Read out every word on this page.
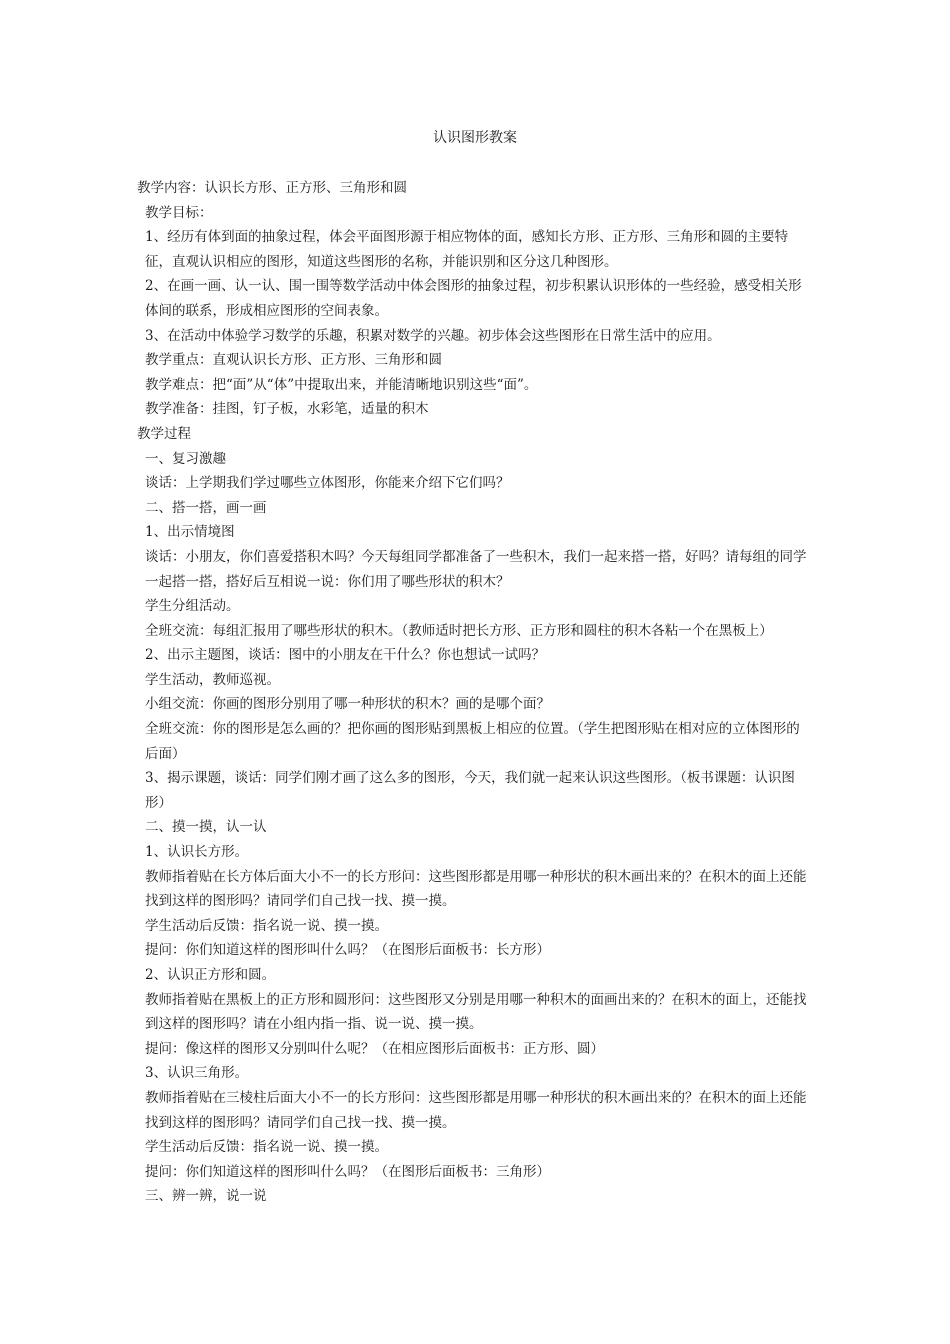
认识图形教案

教学内容：认识长方形、正方形、三角形和圆

教学目标：

1、经历有体到面的抽象过程，体会平面图形源于相应物体的面，感知长方形、正方形、三角形和圆的主要特征，直观认识相应的图形，知道这些图形的名称，并能识别和区分这几种图形。

2、在画一画、认一认、围一围等数学活动中体会图形的抽象过程，初步积累认识形体的一些经验，感受相关形体间的联系，形成相应图形的空间表象。

3、在活动中体验学习数学的乐趣，积累对数学的兴趣。初步体会这些图形在日常生活中的应用。

教学重点：直观认识长方形、正方形、三角形和圆

教学难点：把“面”从“体”中提取出来，并能清晰地识别这些“面”。

教学准备：挂图，钉子板，水彩笔，适量的积木

教学过程

一、复习激趣

谈话：上学期我们学过哪些立体图形，你能来介绍下它们吗？

二、搭一搭，画一画

1、出示情境图

谈话：小朋友，你们喜爱搭积木吗？今天每组同学都准备了一些积木，我们一起来搭一搭，好吗？请每组的同学一起搭一搭，搭好后互相说一说：你们用了哪些形状的积木？

学生分组活动。

全班交流：每组汇报用了哪些形状的积木。（教师适时把长方形、正方形和圆柱的积木各粘一个在黑板上）

2、出示主题图，谈话：图中的小朋友在干什么？你也想试一试吗？

学生活动，教师巡视。

小组交流：你画的图形分别用了哪一种形状的积木？画的是哪个面？

全班交流：你的图形是怎么画的？把你画的图形贴到黑板上相应的位置。（学生把图形贴在相对应的立体图形的后面）

3、揭示课题，谈话：同学们刚才画了这么多的图形，今天，我们就一起来认识这些图形。（板书课题：认识图形）

二、摸一摸，认一认

1、认识长方形。

教师指着贴在长方体后面大小不一的长方形问：这些图形都是用哪一种形状的积木画出来的？在积木的面上还能找到这样的图形吗？请同学们自己找一找、摸一摸。

学生活动后反馈：指名说一说、摸一摸。

提问：你们知道这样的图形叫什么吗？（在图形后面板书：长方形）

2、认识正方形和圆。

教师指着贴在黑板上的正方形和圆形问：这些图形又分别是用哪一种积木的面画出来的？在积木的面上，还能找到这样的图形吗？请在小组内指一指、说一说、摸一摸。

提问：像这样的图形又分别叫什么呢？（在相应图形后面板书：正方形、圆）

3、认识三角形。

教师指着贴在三棱柱后面大小不一的长方形问：这些图形都是用哪一种形状的积木画出来的？在积木的面上还能找到这样的图形吗？请同学们自己找一找、摸一摸。

学生活动后反馈：指名说一说、摸一摸。

提问：你们知道这样的图形叫什么吗？（在图形后面板书：三角形）

三、辨一辨，说一说
